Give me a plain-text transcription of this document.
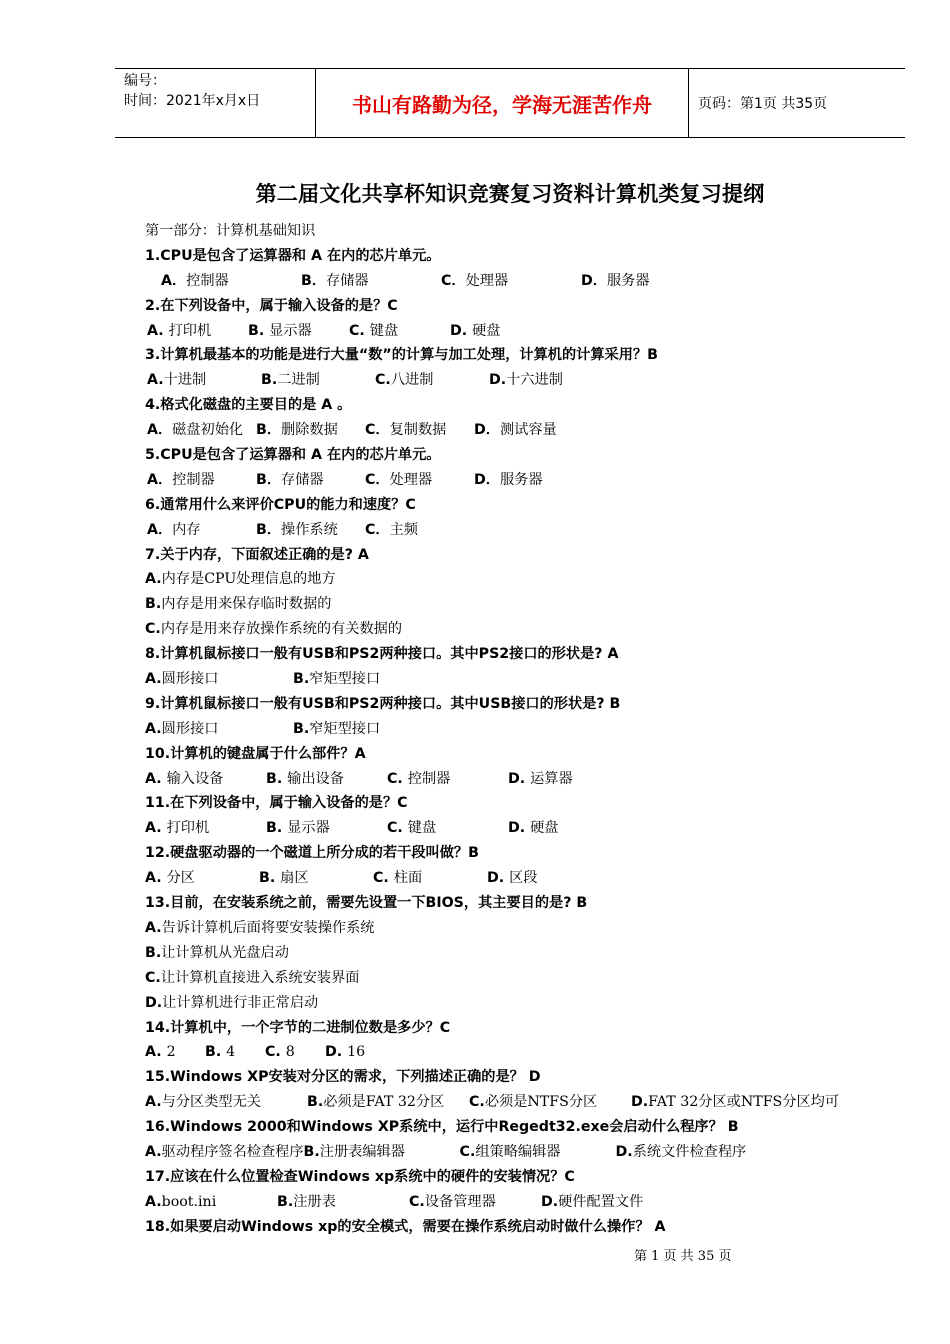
编号：
时间：2021年x月x日	书山有路勤为径，学海无涯苦作舟	页码：第1页 共35页
第二届文化共享杯知识竞赛复习资料计算机类复习提纲
第一部分：计算机基础知识
1.CPU是包含了运算器和 A 在内的芯片单元。
A．控制器	B．存储器	C．处理器	D．服务器
2.在下列设备中，属于输入设备的是？C
A. 打印机	B. 显示器	C. 键盘	D. 硬盘
3.计算机最基本的功能是进行大量“数”的计算与加工处理，计算机的计算采用？B
A.十进制	B.二进制	C.八进制	D.十六进制
4.格式化磁盘的主要目的是 A 。
A．磁盘初始化 B．删除数据	C．复制数据	D．测试容量
5.CPU是包含了运算器和 A 在内的芯片单元。
A．控制器	B．存储器	C．处理器	D．服务器
6.通常用什么来评价CPU的能力和速度？C
A．内存	B．操作系统	C．主频
7.关于内存，下面叙述正确的是? A
A.内存是CPU处理信息的地方
B.内存是用来保存临时数据的
C.内存是用来存放操作系统的有关数据的
8.计算机鼠标接口一般有USB和PS2两种接口。其中PS2接口的形状是? A
A.圆形接口	B.窄矩型接口
9.计算机鼠标接口一般有USB和PS2两种接口。其中USB接口的形状是? B
A.圆形接口	B.窄矩型接口
10.计算机的键盘属于什么部件？A
A. 输入设备	B. 输出设备	C. 控制器	D. 运算器
11.在下列设备中，属于输入设备的是？C
A. 打印机	B. 显示器	C. 键盘	D. 硬盘
12.硬盘驱动器的一个磁道上所分成的若干段叫做？B
A. 分区	B. 扇区	C. 柱面	D. 区段
13.目前，在安装系统之前，需要先设置一下BIOS，其主要目的是? B
A.告诉计算机后面将要安装操作系统
B.让计算机从光盘启动
C.让计算机直接进入系统安装界面
D.让计算机进行非正常启动
14.计算机中，一个字节的二进制位数是多少？C
A. 2	B. 4	C. 8	D. 16
15.Windows XP安装对分区的需求，下列描述正确的是？ D
A.与分区类型无关	B.必须是FAT 32分区	C.必须是NTFS分区	D.FAT 32分区或NTFS分区均可
16.Windows 2000和Windows XP系统中，运行中Regedt32.exe会启动什么程序？ B
A.驱动程序签名检查程序 B.注册表编辑器	C.组策略编辑器	D.系统文件检查程序
17.应该在什么位置检查Windows xp系统中的硬件的安装情况？C
A.boot.ini	B.注册表	C.设备管理器	D.硬件配置文件
18.如果要启动Windows xp的安全模式，需要在操作系统启动时做什么操作？ A
第 1 页 共 35 页
